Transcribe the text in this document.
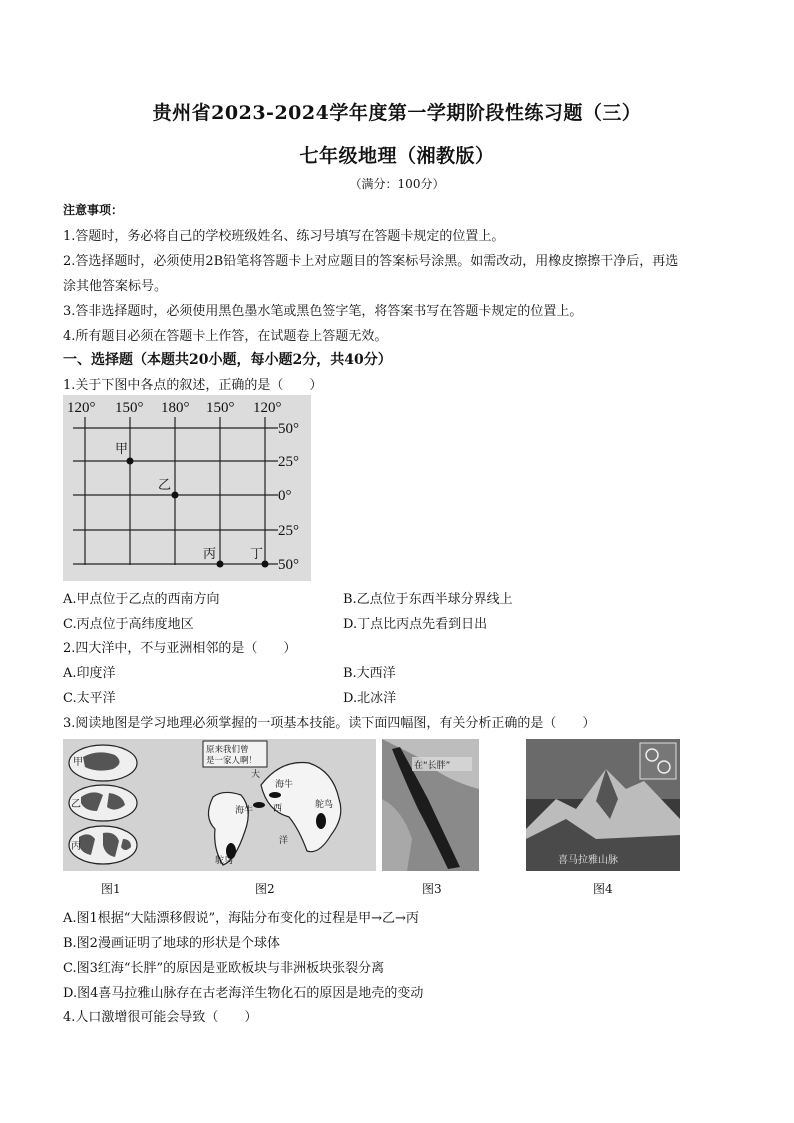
贵州省2023-2024学年度第一学期阶段性练习题（三）
七年级地理（湘教版）
（满分：100分）
注意事项：
1.答题时，务必将自己的学校班级姓名、练习号填写在答题卡规定的位置上。
2.答选择题时，必须使用2B铅笔将答题卡上对应题目的答案标号涂黑。如需改动，用橡皮擦擦干净后，再选
涂其他答案标号。
3.答非选择题时，必须使用黑色墨水笔或黑色签字笔，将答案书写在答题卡规定的位置上。
4.所有题目必须在答题卡上作答，在试题卷上答题无效。
一、选择题（本题共20小题，每小题2分，共40分）
1.关于下图中各点的叙述，正确的是（　　）
120° 150° 180° 150° 120°
50°
25°
0°
25°
50°
甲
乙
丙	丁
A.甲点位于乙点的西南方向	B.乙点位于东西半球分界线上
C.丙点位于高纬度地区	D.丁点比丙点先看到日出
2.四大洋中，不与亚洲相邻的是（　　）
A.印度洋	B.大西洋
C.太平洋	D.北冰洋
3.阅读地图是学习地理必须掌握的一项基本技能。读下面四幅图，有关分析正确的是（　　）
甲
乙
丙
原来我们曾
是一家人啊！
大
海牛
海牛 西
洋
鸵鸟
鸵鸟
在“长胖”
喜马拉雅山脉
图1	图2	图3	图4
A.图1根据“大陆漂移假说”，海陆分布变化的过程是甲→乙→丙
B.图2漫画证明了地球的形状是个球体
C.图3红海“长胖”的原因是亚欧板块与非洲板块张裂分离
D.图4喜马拉雅山脉存在古老海洋生物化石的原因是地壳的变动
4.人口激增很可能会导致（　　）
